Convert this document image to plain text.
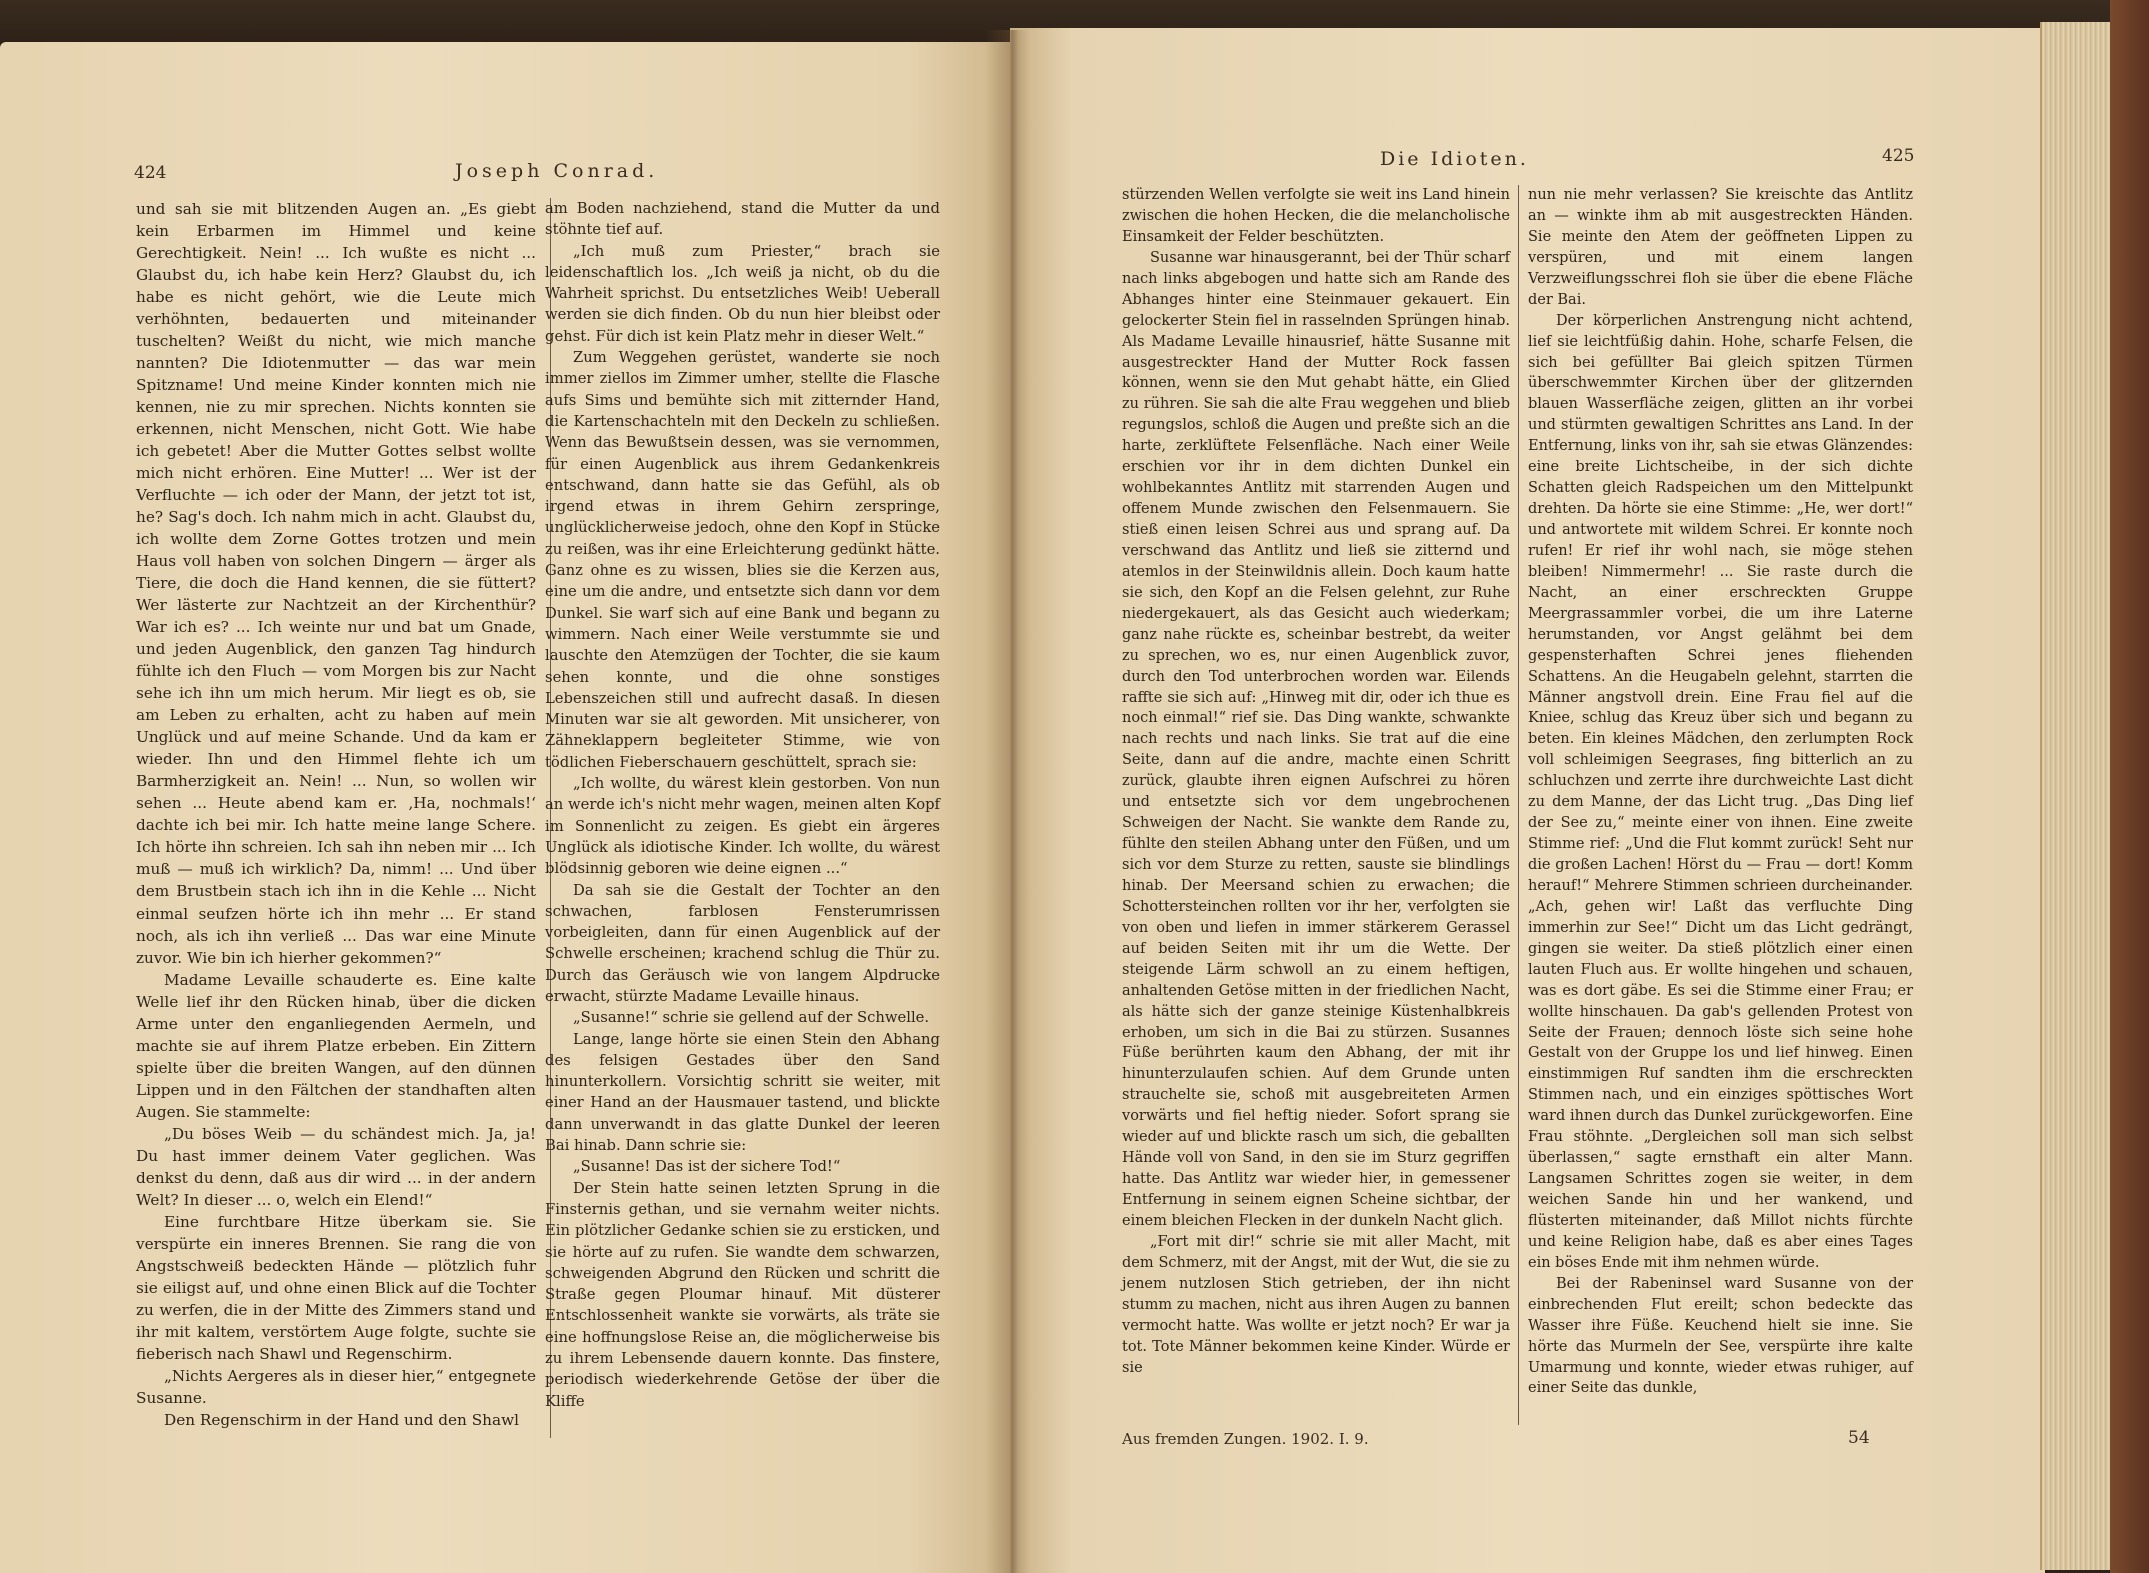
424	Joseph Conrad.

und sah sie mit blitzenden Augen an. „Es giebt kein Erbarmen im Himmel und keine Gerechtigkeit. Nein! ... Ich wußte es nicht ... Glaubst du, ich habe kein Herz? Glaubst du, ich habe es nicht gehört, wie die Leute mich verhöhnten, bedauerten und miteinander tuschelten? Weißt du nicht, wie mich manche nannten? Die Idiotenmutter — das war mein Spitzname! Und meine Kinder konnten mich nie kennen, nie zu mir sprechen. Nichts konnten sie erkennen, nicht Menschen, nicht Gott. Wie habe ich gebetet! Aber die Mutter Gottes selbst wollte mich nicht erhören. Eine Mutter! ... Wer ist der Verfluchte — ich oder der Mann, der jetzt tot ist, he? Sag's doch. Ich nahm mich in acht. Glaubst du, ich wollte dem Zorne Gottes trotzen und mein Haus voll haben von solchen Dingern — ärger als Tiere, die doch die Hand kennen, die sie füttert? Wer lästerte zur Nachtzeit an der Kirchenthür? War ich es? ... Ich weinte nur und bat um Gnade, und jeden Augenblick, den ganzen Tag hindurch fühlte ich den Fluch — vom Morgen bis zur Nacht sehe ich ihn um mich herum. Mir liegt es ob, sie am Leben zu erhalten, acht zu haben auf mein Unglück und auf meine Schande. Und da kam er wieder. Ihn und den Himmel flehte ich um Barmherzigkeit an. Nein! ... Nun, so wollen wir sehen ... Heute abend kam er. ‚Ha, nochmals!‘ dachte ich bei mir. Ich hatte meine lange Schere. Ich hörte ihn schreien. Ich sah ihn neben mir ... Ich muß — muß ich wirklich? Da, nimm! ... Und über dem Brustbein stach ich ihn in die Kehle ... Nicht einmal seufzen hörte ich ihn mehr ... Er stand noch, als ich ihn verließ ... Das war eine Minute zuvor. Wie bin ich hierher gekommen?“

Madame Levaille schauderte es. Eine kalte Welle lief ihr den Rücken hinab, über die dicken Arme unter den enganliegenden Aermeln, und machte sie auf ihrem Platze erbeben. Ein Zittern spielte über die breiten Wangen, auf den dünnen Lippen und in den Fältchen der standhaften alten Augen. Sie stammelte:

„Du böses Weib — du schändest mich. Ja, ja! Du hast immer deinem Vater geglichen. Was denkst du denn, daß aus dir wird ... in der andern Welt? In dieser ... o, welch ein Elend!“

Eine furchtbare Hitze überkam sie. Sie verspürte ein inneres Brennen. Sie rang die von Angstschweiß bedeckten Hände — plötzlich fuhr sie eiligst auf, und ohne einen Blick auf die Tochter zu werfen, die in der Mitte des Zimmers stand und ihr mit kaltem, verstörtem Auge folgte, suchte sie fieberisch nach Shawl und Regenschirm.

„Nichts Aergeres als in dieser hier,“ entgegnete Susanne.

Den Regenschirm in der Hand und den Shawl

am Boden nachziehend, stand die Mutter da und stöhnte tief auf.

„Ich muß zum Priester,“ brach sie leidenschaftlich los. „Ich weiß ja nicht, ob du die Wahrheit sprichst. Du entsetzliches Weib! Ueberall werden sie dich finden. Ob du nun hier bleibst oder gehst. Für dich ist kein Platz mehr in dieser Welt.“

Zum Weggehen gerüstet, wanderte sie noch immer ziellos im Zimmer umher, stellte die Flasche aufs Sims und bemühte sich mit zitternder Hand, die Kartenschachteln mit den Deckeln zu schließen. Wenn das Bewußtsein dessen, was sie vernommen, für einen Augenblick aus ihrem Gedankenkreis entschwand, dann hatte sie das Gefühl, als ob irgend etwas in ihrem Gehirn zerspringe, unglücklicherweise jedoch, ohne den Kopf in Stücke zu reißen, was ihr eine Erleichterung gedünkt hätte. Ganz ohne es zu wissen, blies sie die Kerzen aus, eine um die andre, und entsetzte sich dann vor dem Dunkel. Sie warf sich auf eine Bank und begann zu wimmern. Nach einer Weile verstummte sie und lauschte den Atemzügen der Tochter, die sie kaum sehen konnte, und die ohne sonstiges Lebenszeichen still und aufrecht dasaß. In diesen Minuten war sie alt geworden. Mit unsicherer, von Zähneklappern begleiteter Stimme, wie von tödlichen Fieberschauern geschüttelt, sprach sie:

„Ich wollte, du wärest klein gestorben. Von nun an werde ich's nicht mehr wagen, meinen alten Kopf im Sonnenlicht zu zeigen. Es giebt ein ärgeres Unglück als idiotische Kinder. Ich wollte, du wärest blödsinnig geboren wie deine eignen ...“

Da sah sie die Gestalt der Tochter an den schwachen, farblosen Fensterumrissen vorbeigleiten, dann für einen Augenblick auf der Schwelle erscheinen; krachend schlug die Thür zu. Durch das Geräusch wie von langem Alpdrucke erwacht, stürzte Madame Levaille hinaus.

„Susanne!“ schrie sie gellend auf der Schwelle.

Lange, lange hörte sie einen Stein den Abhang des felsigen Gestades über den Sand hinunterkollern. Vorsichtig schritt sie weiter, mit einer Hand an der Hausmauer tastend, und blickte dann unverwandt in das glatte Dunkel der leeren Bai hinab. Dann schrie sie:

„Susanne! Das ist der sichere Tod!“

Der Stein hatte seinen letzten Sprung in die Finsternis gethan, und sie vernahm weiter nichts. Ein plötzlicher Gedanke schien sie zu ersticken, und sie hörte auf zu rufen. Sie wandte dem schwarzen, schweigenden Abgrund den Rücken und schritt die Straße gegen Ploumar hinauf. Mit düsterer Entschlossenheit wankte sie vorwärts, als träte sie eine hoffnungslose Reise an, die möglicherweise bis zu ihrem Lebensende dauern konnte. Das finstere, periodisch wiederkehrende Getöse der über die Kliffe

Die Idioten.	425

stürzenden Wellen verfolgte sie weit ins Land hinein zwischen die hohen Hecken, die die melancholische Einsamkeit der Felder beschützten.

Susanne war hinausgerannt, bei der Thür scharf nach links abgebogen und hatte sich am Rande des Abhanges hinter eine Steinmauer gekauert. Ein gelockerter Stein fiel in rasselnden Sprüngen hinab. Als Madame Levaille hinausrief, hätte Susanne mit ausgestreckter Hand der Mutter Rock fassen können, wenn sie den Mut gehabt hätte, ein Glied zu rühren. Sie sah die alte Frau weggehen und blieb regungslos, schloß die Augen und preßte sich an die harte, zerklüftete Felsenfläche. Nach einer Weile erschien vor ihr in dem dichten Dunkel ein wohlbekanntes Antlitz mit starrenden Augen und offenem Munde zwischen den Felsenmauern. Sie stieß einen leisen Schrei aus und sprang auf. Da verschwand das Antlitz und ließ sie zitternd und atemlos in der Steinwildnis allein. Doch kaum hatte sie sich, den Kopf an die Felsen gelehnt, zur Ruhe niedergekauert, als das Gesicht auch wiederkam; ganz nahe rückte es, scheinbar bestrebt, da weiter zu sprechen, wo es, nur einen Augenblick zuvor, durch den Tod unterbrochen worden war. Eilends raffte sie sich auf: „Hinweg mit dir, oder ich thue es noch einmal!“ rief sie. Das Ding wankte, schwankte nach rechts und nach links. Sie trat auf die eine Seite, dann auf die andre, machte einen Schritt zurück, glaubte ihren eignen Aufschrei zu hören und entsetzte sich vor dem ungebrochenen Schweigen der Nacht. Sie wankte dem Rande zu, fühlte den steilen Abhang unter den Füßen, und um sich vor dem Sturze zu retten, sauste sie blindlings hinab. Der Meersand schien zu erwachen; die Schottersteinchen rollten vor ihr her, verfolgten sie von oben und liefen in immer stärkerem Gerassel auf beiden Seiten mit ihr um die Wette. Der steigende Lärm schwoll an zu einem heftigen, anhaltenden Getöse mitten in der friedlichen Nacht, als hätte sich der ganze steinige Küstenhalbkreis erhoben, um sich in die Bai zu stürzen. Susannes Füße berührten kaum den Abhang, der mit ihr hinunterzulaufen schien. Auf dem Grunde unten strauchelte sie, schoß mit ausgebreiteten Armen vorwärts und fiel heftig nieder. Sofort sprang sie wieder auf und blickte rasch um sich, die geballten Hände voll von Sand, in den sie im Sturz gegriffen hatte. Das Antlitz war wieder hier, in gemessener Entfernung in seinem eignen Scheine sichtbar, der einem bleichen Flecken in der dunkeln Nacht glich.

„Fort mit dir!“ schrie sie mit aller Macht, mit dem Schmerz, mit der Angst, mit der Wut, die sie zu jenem nutzlosen Stich getrieben, der ihn nicht stumm zu machen, nicht aus ihren Augen zu bannen vermocht hatte. Was wollte er jetzt noch? Er war ja tot. Tote Männer bekommen keine Kinder. Würde er sie

nun nie mehr verlassen? Sie kreischte das Antlitz an — winkte ihm ab mit ausgestreckten Händen. Sie meinte den Atem der geöffneten Lippen zu verspüren, und mit einem langen Verzweiflungsschrei floh sie über die ebene Fläche der Bai.

Der körperlichen Anstrengung nicht achtend, lief sie leichtfüßig dahin. Hohe, scharfe Felsen, die sich bei gefüllter Bai gleich spitzen Türmen überschwemmter Kirchen über der glitzernden blauen Wasserfläche zeigen, glitten an ihr vorbei und stürmten gewaltigen Schrittes ans Land. In der Entfernung, links von ihr, sah sie etwas Glänzendes: eine breite Lichtscheibe, in der sich dichte Schatten gleich Radspeichen um den Mittelpunkt drehten. Da hörte sie eine Stimme: „He, wer dort!“ und antwortete mit wildem Schrei. Er konnte noch rufen! Er rief ihr wohl nach, sie möge stehen bleiben! Nimmermehr! ... Sie raste durch die Nacht, an einer erschreckten Gruppe Meergrassammler vorbei, die um ihre Laterne herumstanden, vor Angst gelähmt bei dem gespensterhaften Schrei jenes fliehenden Schattens. An die Heugabeln gelehnt, starrten die Männer angstvoll drein. Eine Frau fiel auf die Kniee, schlug das Kreuz über sich und begann zu beten. Ein kleines Mädchen, den zerlumpten Rock voll schleimigen Seegrases, fing bitterlich an zu schluchzen und zerrte ihre durchweichte Last dicht zu dem Manne, der das Licht trug. „Das Ding lief der See zu,“ meinte einer von ihnen. Eine zweite Stimme rief: „Und die Flut kommt zurück! Seht nur die großen Lachen! Hörst du — Frau — dort! Komm herauf!“ Mehrere Stimmen schrieen durcheinander. „Ach, gehen wir! Laßt das verfluchte Ding immerhin zur See!“ Dicht um das Licht gedrängt, gingen sie weiter. Da stieß plötzlich einer einen lauten Fluch aus. Er wollte hingehen und schauen, was es dort gäbe. Es sei die Stimme einer Frau; er wollte hinschauen. Da gab's gellenden Protest von Seite der Frauen; dennoch löste sich seine hohe Gestalt von der Gruppe los und lief hinweg. Einen einstimmigen Ruf sandten ihm die erschreckten Stimmen nach, und ein einziges spöttisches Wort ward ihnen durch das Dunkel zurückgeworfen. Eine Frau stöhnte. „Dergleichen soll man sich selbst überlassen,“ sagte ernsthaft ein alter Mann. Langsamen Schrittes zogen sie weiter, in dem weichen Sande hin und her wankend, und flüsterten miteinander, daß Millot nichts fürchte und keine Religion habe, daß es aber eines Tages ein böses Ende mit ihm nehmen würde.

Bei der Rabeninsel ward Susanne von der einbrechenden Flut ereilt; schon bedeckte das Wasser ihre Füße. Keuchend hielt sie inne. Sie hörte das Murmeln der See, verspürte ihre kalte Umarmung und konnte, wieder etwas ruhiger, auf einer Seite das dunkle,

Aus fremden Zungen. 1902. I. 9.	54
